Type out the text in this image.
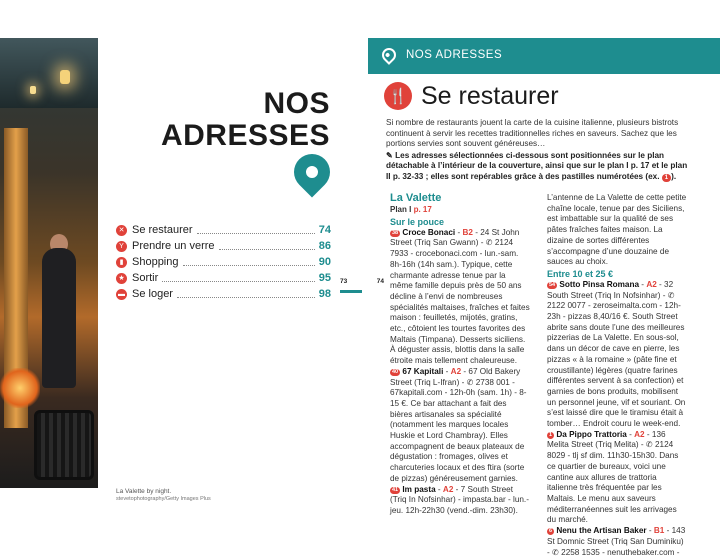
La Valette by night.
stevetophotography/Getty Images Plus
NOS ADRESSES
NOS
ADRESSES
✕ Se restaurer	74
Y Prendre un verre	86
▮ Shopping	90
★ Sortir	95
▬ Se loger	98
73	74
🍴 Se restaurer
Si nombre de restaurants jouent la carte de la cuisine italienne, plusieurs bistrots continuent à servir les recettes traditionnelles riches en saveurs. Sachez que les portions servies sont souvent généreuses…
✎ Les adresses sélectionnées ci-dessous sont positionnées sur le plan détachable à l’intérieur de la couverture, ainsi que sur le plan I p. 17 et le plan II p. 32-33 ; elles sont repérables grâce à des pastilles numérotées (ex. 1 ).
La Valette
Plan I p. 17
Sur le pouce
38 Croce Bonaci - B2 - 24 St John Street (Triq San Gwann) - ✆ 2124 7933 - crocebonaci.com - lun.-sam. 8h-16h (14h sam.). Typique, cette charmante adresse tenue par la même famille depuis près de 50 ans décline à l’envi de nombreuses spécialités maltaises, fraîches et faites maison : feuilletés, mijotés, gratins, etc., côtoient les tourtes favorites des Maltais (Timpana). Desserts siciliens. À déguster assis, blottis dans la salle étroite mais tellement chaleureuse.
40 67 Kapitali - A2 - 67 Old Bakery Street (Triq L-Ifran) - ✆ 2738 001 - 67kapitali.com - 12h-0h (sam. 1h) - 8-15 €. Ce bar attachant a fait des bières artisanales sa spécialité (notamment les marques locales Huskie et Lord Chambray). Elles accompagnent de beaux plateaux de dégustation : fromages, olives et charcuteries locaux et des ftira (sorte de pizzas) généreusement garnies.
41 Im pasta - A2 - 7 South Street (Triq In Nofsinhar) - impasta.bar - lun.-jeu. 12h-22h30 (vend.-dim. 23h30).
L’antenne de La Valette de cette petite chaîne locale, tenue par des Siciliens, est imbattable sur la qualité de ses pâtes fraîches faites maison. La dizaine de sortes différentes s’accompagne d’une douzaine de sauces au choix.
Entre 10 et 25 €
54 Sotto Pinsa Romana - A2 - 32 South Street (Triq In Nofsinhar) - ✆ 2122 0077 - zeroseimalta.com - 12h-23h - pizzas 8,40/16 €. South Street abrite sans doute l’une des meilleures pizzerias de La Valette. En sous-sol, dans un décor de cave en pierre, les pizzas « à la romaine » (pâte fine et croustillante) légères (quatre farines différentes servent à sa confection) et garnies de bons produits, mobilisent un personnel jeune, vif et souriant. On s’est laissé dire que le tiramisu était à tomber… Endroit couru le week-end.
1 Da Pippo Trattoria - A2 - 136 Melita Street (Triq Melita) - ✆ 2124 8029 - tlj sf dim. 11h30-15h30. Dans ce quartier de bureaux, voici une cantine aux allures de trattoria italienne très fréquentée par les Maltais. Le menu aux saveurs méditerranéennes suit les arrivages du marché.
6 Nenu the Artisan Baker - B1 - 143 St Domnic Street (Triq San Duminiku) - ✆ 2258 1535 - nenuthebaker.com -
